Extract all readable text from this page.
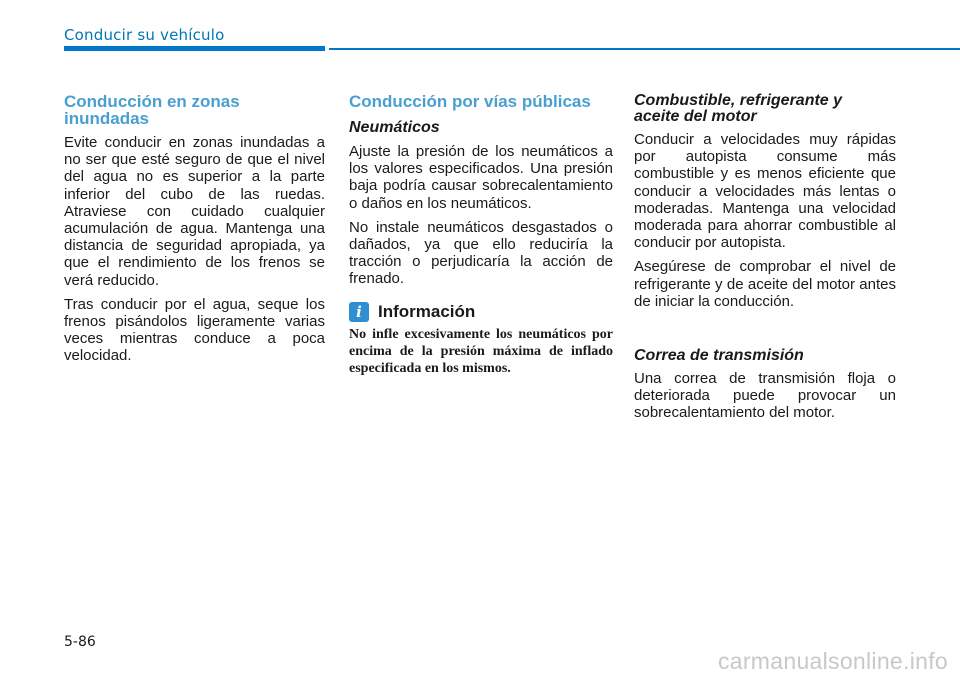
Conducir su vehículo
Conducción en zonas
inundadas

Evite conducir en zonas inundadas a no ser que esté seguro de que el nivel del agua no es superior a la parte inferior del cubo de las ruedas. Atraviese con cuidado cualquier acumulación de agua. Mantenga una distancia de seguridad apropiada, ya que el rendimiento de los frenos se verá reducido.

Tras conducir por el agua, seque los frenos pisándolos ligeramente varias veces mientras conduce a poca velocidad.

Conducción por vías públicas
Neumáticos

Ajuste la presión de los neumáticos a los valores especificados. Una presión baja podría causar sobrecalentamiento o daños en los neumáticos.

No instale neumáticos desgastados o dañados, ya que ello reduciría la tracción o perjudicaría la acción de frenado.

i Información

No infle excesivamente los neumáticos por encima de la presión máxima de inflado especificada en los mismos.

Combustible, refrigerante y
aceite del motor

Conducir a velocidades muy rápidas por autopista consume más combustible y es menos eficiente que conducir a velocidades más lentas o moderadas. Mantenga una velocidad moderada para ahorrar combustible al conducir por autopista.

Asegúrese de comprobar el nivel de refrigerante y de aceite del motor antes de iniciar la conducción.

Correa de transmisión

Una correa de transmisión floja o deteriorada puede provocar un sobrecalentamiento del motor.

5-86
carmanualsonline.info
